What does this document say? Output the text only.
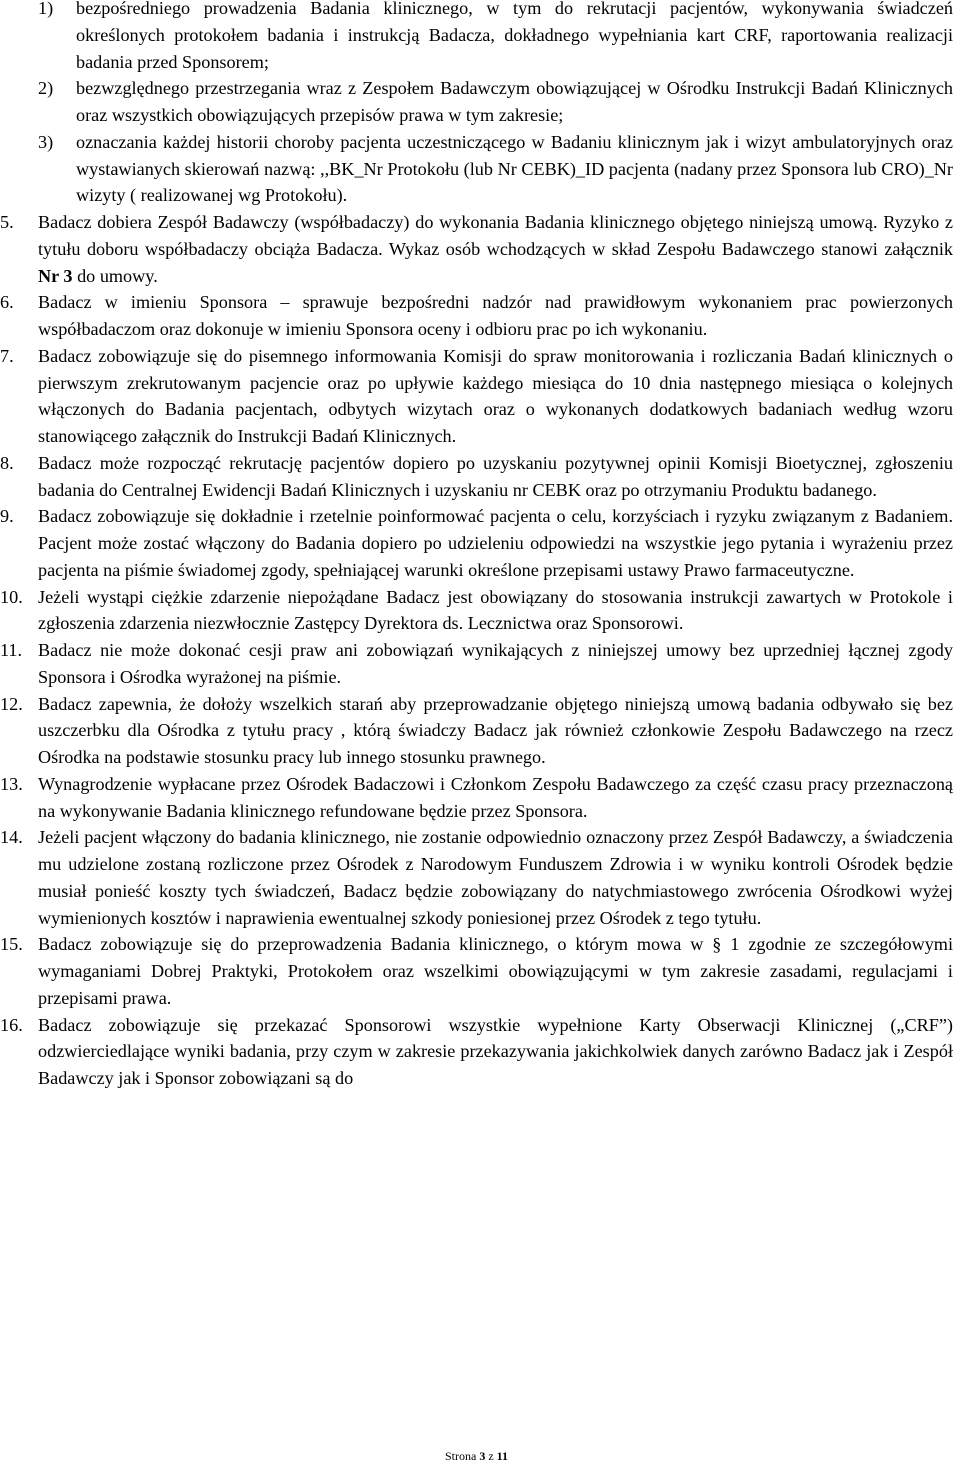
1) bezpośredniego prowadzenia Badania klinicznego, w tym do rekrutacji pacjentów, wykonywania świadczeń określonych protokołem badania i instrukcją Badacza, dokładnego wypełniania kart CRF, raportowania realizacji badania przed Sponsorem;
2) bezwzględnego przestrzegania wraz z Zespołem Badawczym obowiązującej w Ośrodku Instrukcji Badań Klinicznych oraz wszystkich obowiązujących przepisów prawa w tym zakresie;
3) oznaczania każdej historii choroby pacjenta uczestniczącego w Badaniu klinicznym jak i wizyt ambulatoryjnych oraz wystawianych skierowań nazwą: ,,BK_Nr Protokołu (lub Nr CEBK)_ID pacjenta (nadany przez Sponsora lub CRO)_Nr wizyty ( realizowanej wg Protokołu).
5. Badacz dobiera Zespół Badawczy (współbadaczy) do wykonania Badania klinicznego objętego niniejszą umową. Ryzyko z tytułu doboru współbadaczy obciąża Badacza. Wykaz osób wchodzących w skład Zespołu Badawczego stanowi załącznik Nr 3 do umowy.
6. Badacz w imieniu Sponsora – sprawuje bezpośredni nadzór nad prawidłowym wykonaniem prac powierzonych współbadaczom oraz dokonuje w imieniu Sponsora oceny i odbioru prac po ich wykonaniu.
7. Badacz zobowiązuje się do pisemnego informowania Komisji do spraw monitorowania i rozliczania Badań klinicznych o pierwszym zrekrutowanym pacjencie oraz po upływie każdego miesiąca do 10 dnia następnego miesiąca o kolejnych włączonych do Badania pacjentach, odbytych wizytach oraz o wykonanych dodatkowych badaniach według wzoru stanowiącego załącznik do Instrukcji Badań Klinicznych.
8. Badacz może rozpocząć rekrutację pacjentów dopiero po uzyskaniu pozytywnej opinii Komisji Bioetycznej, zgłoszeniu badania do Centralnej Ewidencji Badań Klinicznych i uzyskaniu nr CEBK oraz po otrzymaniu Produktu badanego.
9. Badacz zobowiązuje się dokładnie i rzetelnie poinformować pacjenta o celu, korzyściach i ryzyku związanym z Badaniem. Pacjent może zostać włączony do Badania dopiero po udzieleniu odpowiedzi na wszystkie jego pytania i wyrażeniu przez pacjenta na piśmie świadomej zgody, spełniającej warunki określone przepisami ustawy Prawo farmaceutyczne.
10. Jeżeli wystąpi ciężkie zdarzenie niepożądane Badacz jest obowiązany do stosowania instrukcji zawartych w Protokole i zgłoszenia zdarzenia niezwłocznie Zastępcy Dyrektora ds. Lecznictwa oraz Sponsorowi.
11. Badacz nie może dokonać cesji praw ani zobowiązań wynikających z niniejszej umowy bez uprzedniej łącznej zgody Sponsora i Ośrodka wyrażonej na piśmie.
12. Badacz zapewnia, że dołoży wszelkich starań aby przeprowadzanie objętego niniejszą umową badania odbywało się bez uszczerbku dla Ośrodka z tytułu pracy , którą świadczy Badacz jak również członkowie Zespołu Badawczego na rzecz Ośrodka na podstawie stosunku pracy lub innego stosunku prawnego.
13. Wynagrodzenie wypłacane przez Ośrodek Badaczowi i Członkom Zespołu Badawczego za część czasu pracy przeznaczoną na wykonywanie Badania klinicznego refundowane będzie przez Sponsora.
14. Jeżeli pacjent włączony do badania klinicznego, nie zostanie odpowiednio oznaczony przez Zespół Badawczy, a świadczenia mu udzielone zostaną rozliczone przez Ośrodek z Narodowym Funduszem Zdrowia i w wyniku kontroli Ośrodek będzie musiał ponieść koszty tych świadczeń, Badacz będzie zobowiązany do natychmiastowego zwrócenia Ośrodkowi wyżej wymienionych kosztów i naprawienia ewentualnej szkody poniesionej przez Ośrodek z tego tytułu.
15. Badacz zobowiązuje się do przeprowadzenia Badania klinicznego, o którym mowa w § 1 zgodnie ze szczegółowymi wymaganiami Dobrej Praktyki, Protokołem oraz wszelkimi obowiązującymi w tym zakresie zasadami, regulacjami i przepisami prawa.
16. Badacz zobowiązuje się przekazać Sponsorowi wszystkie wypełnione Karty Obserwacji Klinicznej („CRF”) odzwierciedlające wyniki badania, przy czym w zakresie przekazywania jakichkolwiek danych zarówno Badacz jak i Zespół Badawczy jak i Sponsor zobowiązani są do
Strona 3 z 11
